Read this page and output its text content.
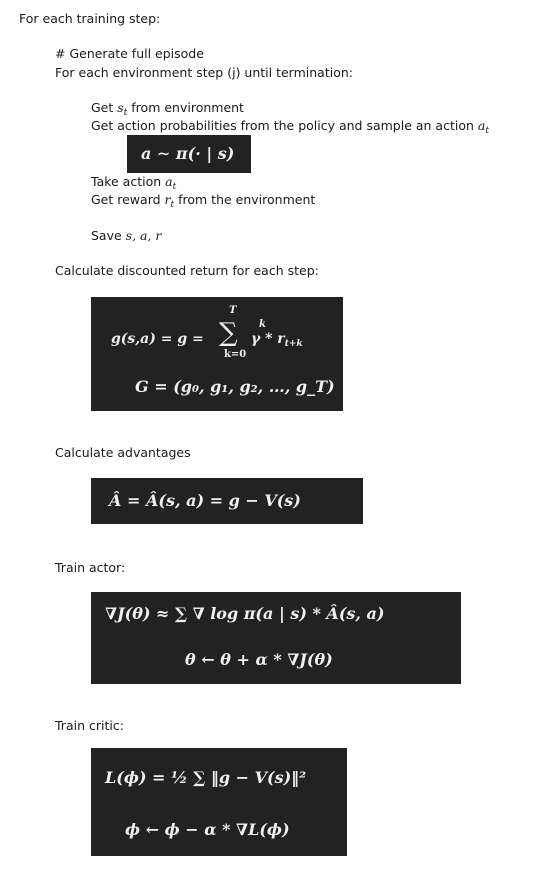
For each training step:
# Generate full episode
For each environment step (j) until termination:
Get $s_t$ from environment
Get action probabilities from the policy and sample an action $a_t$
a ∼ π(· | s)
Take action $a_t$
Get reward $r_t$ from the environment
Save s, a, r
Calculate discounted return for each step:
g(s,a) = g =
T
∑
k=0
γ * $r_{t+k}$
k
G = (g₀, g₁, g₂, …, g_T)
Calculate advantages
Â = Â(s, a) = g − V(s)
Train actor:
∇J(θ) ≈ ∑ ∇ log π(a | s) * Â(s, a)
θ ← θ + α * ∇J(θ)
Train critic:
L(ϕ) = ½ ∑ ‖g − V(s)‖²
ϕ ← ϕ − α * ∇L(ϕ)
